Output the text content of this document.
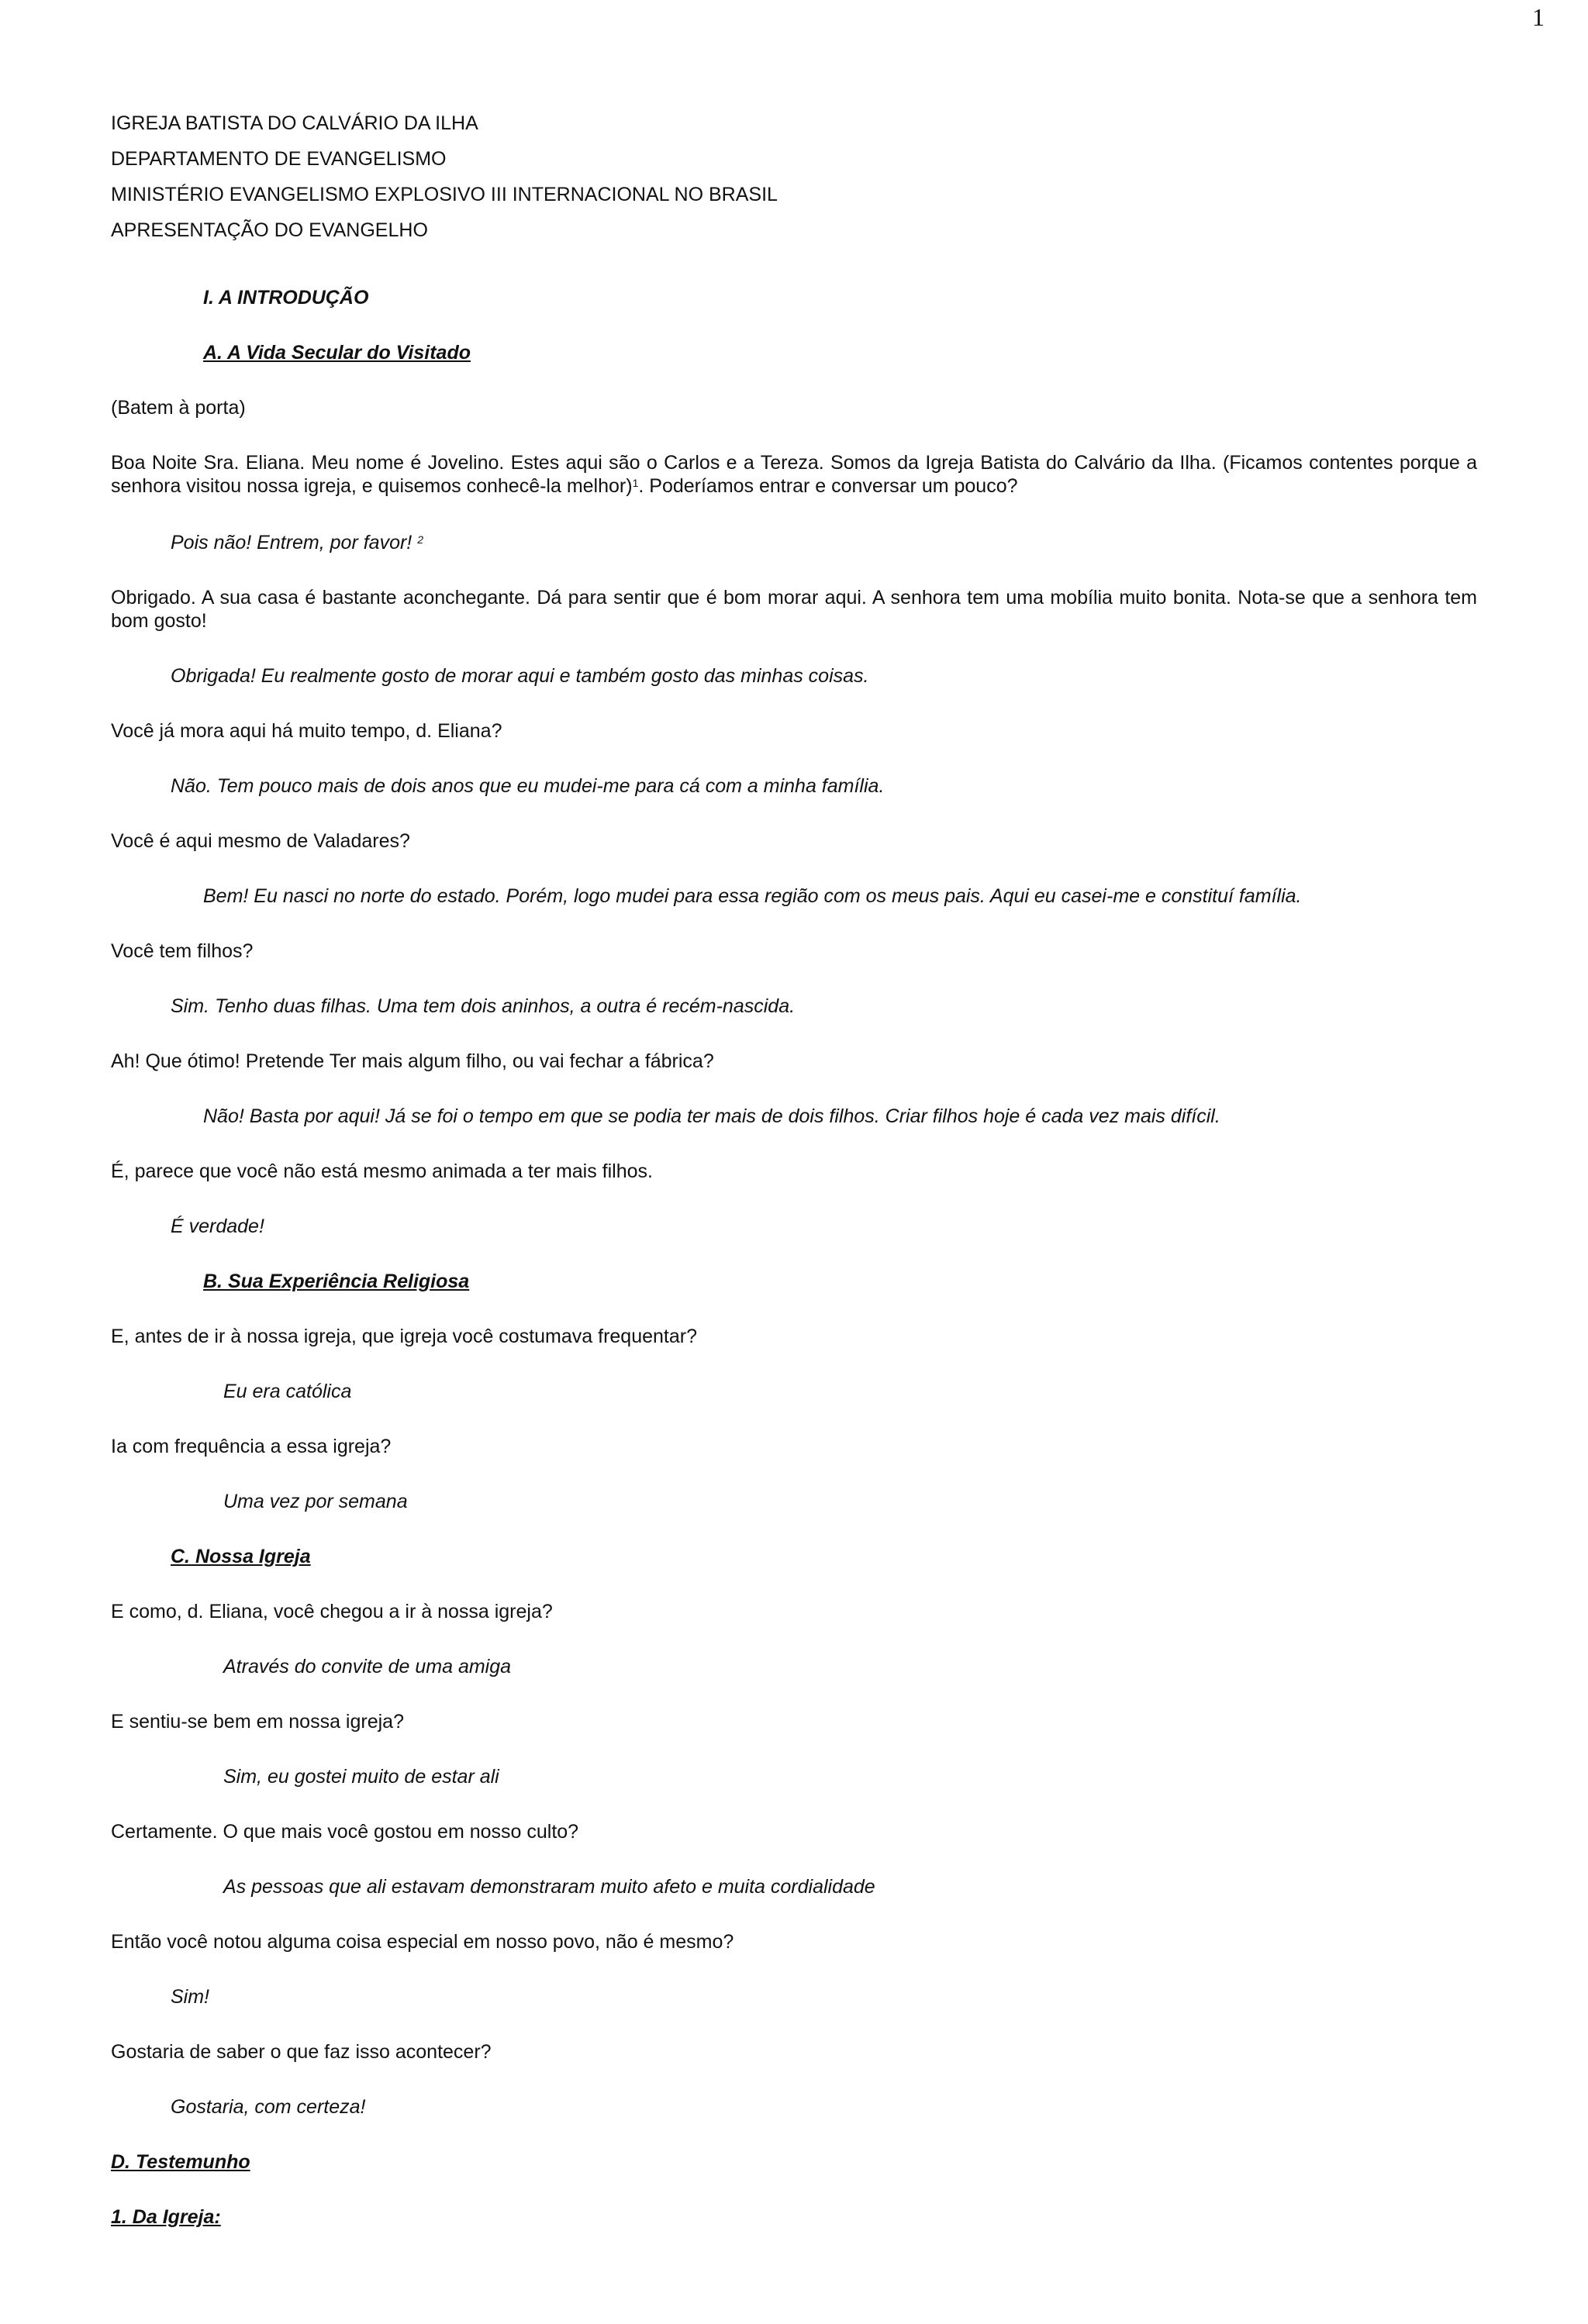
1
IGREJA BATISTA DO CALVÁRIO DA ILHA
DEPARTAMENTO DE EVANGELISMO
MINISTÉRIO EVANGELISMO EXPLOSIVO III INTERNACIONAL NO BRASIL
APRESENTAÇÃO DO EVANGELHO
I. A INTRODUÇÃO
A. A Vida Secular do Visitado
(Batem à porta)
Boa Noite Sra. Eliana. Meu nome é Jovelino. Estes aqui são o Carlos e a Tereza. Somos da Igreja Batista do Calvário da Ilha. (Ficamos contentes porque a senhora visitou nossa igreja, e quisemos conhecê-la melhor)$^1$. Poderíamos entrar e conversar um pouco?
Pois não! Entrem, por favor! $^2$
Obrigado. A sua casa é bastante aconchegante. Dá para sentir que é bom morar aqui. A senhora tem uma mobília muito bonita. Nota-se que a senhora tem bom gosto!
Obrigada! Eu realmente gosto de morar aqui e também gosto das minhas coisas.
Você já mora aqui há muito tempo, d. Eliana?
Não. Tem pouco mais de dois anos que eu mudei-me para cá com a minha família.
Você é aqui mesmo de Valadares?
Bem! Eu nasci no norte do estado. Porém, logo mudei para essa região com os meus pais. Aqui eu casei-me e constituí família.
Você tem filhos?
Sim. Tenho duas filhas. Uma tem dois aninhos, a outra é recém-nascida.
Ah! Que ótimo! Pretende Ter mais algum filho, ou vai fechar a fábrica?
Não! Basta por aqui! Já se foi o tempo em que se podia ter mais de dois filhos. Criar filhos hoje é cada vez mais difícil.
É, parece que você não está mesmo animada a ter mais filhos.
É verdade!
B. Sua Experiência Religiosa
E, antes de ir à nossa igreja, que igreja você costumava frequentar?
Eu era católica
Ia com frequência a essa igreja?
Uma vez por semana
C. Nossa Igreja
E como, d. Eliana, você chegou a ir à nossa igreja?
Através do convite de uma amiga
E sentiu-se bem em nossa igreja?
Sim, eu gostei muito de estar ali
Certamente. O que mais você gostou em nosso culto?
As pessoas que ali estavam demonstraram muito afeto e muita cordialidade
Então você notou alguma coisa especial em nosso povo, não é mesmo?
Sim!
Gostaria de saber o que faz isso acontecer?
Gostaria, com certeza!
D. Testemunho
1. Da Igreja:
